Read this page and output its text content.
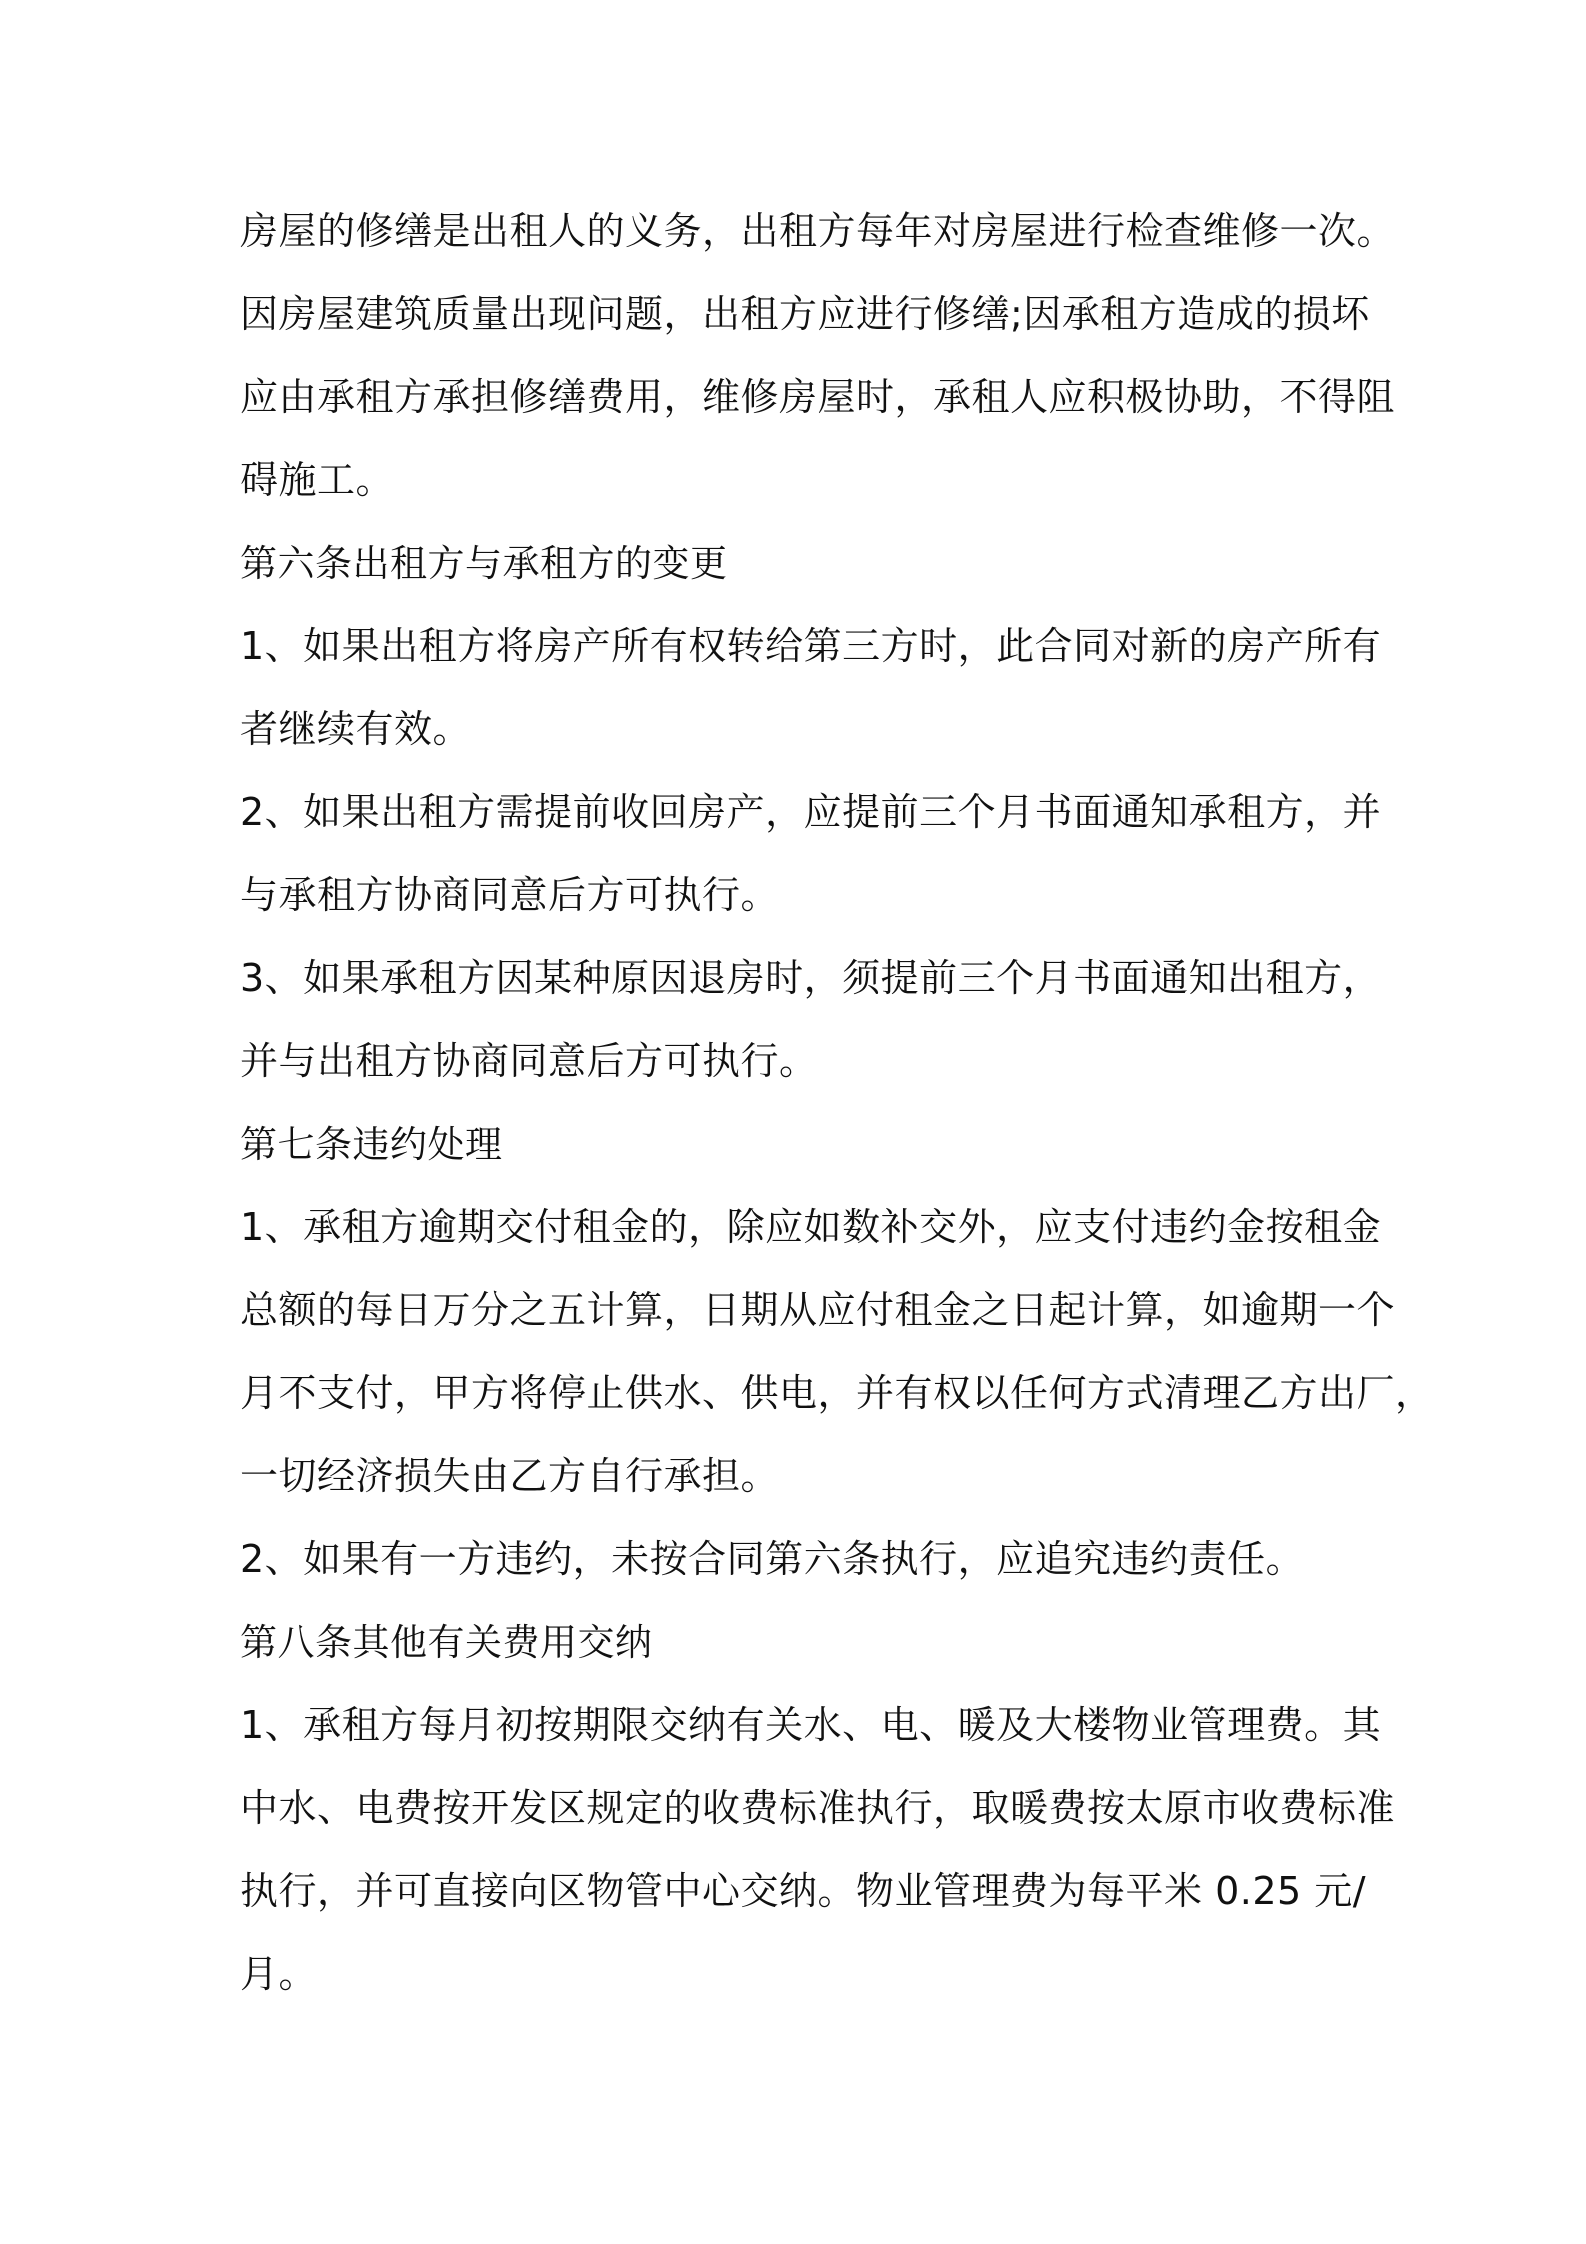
房屋的修缮是出租人的义务，出租方每年对房屋进行检查维修一次。
因房屋建筑质量出现问题，出租方应进行修缮;因承租方造成的损坏
应由承租方承担修缮费用，维修房屋时，承租人应积极协助，不得阻
碍施工。
第六条出租方与承租方的变更
1、如果出租方将房产所有权转给第三方时，此合同对新的房产所有
者继续有效。
2、如果出租方需提前收回房产，应提前三个月书面通知承租方，并
与承租方协商同意后方可执行。
3、如果承租方因某种原因退房时，须提前三个月书面通知出租方，
并与出租方协商同意后方可执行。
第七条违约处理
1、承租方逾期交付租金的，除应如数补交外，应支付违约金按租金
总额的每日万分之五计算，日期从应付租金之日起计算，如逾期一个
月不支付，甲方将停止供水、供电，并有权以任何方式清理乙方出厂，
一切经济损失由乙方自行承担。
2、如果有一方违约，未按合同第六条执行，应追究违约责任。
第八条其他有关费用交纳
1、承租方每月初按期限交纳有关水、电、暖及大楼物业管理费。其
中水、电费按开发区规定的收费标准执行，取暖费按太原市收费标准
执行，并可直接向区物管中心交纳。物业管理费为每平米 0.25 元/
月。
